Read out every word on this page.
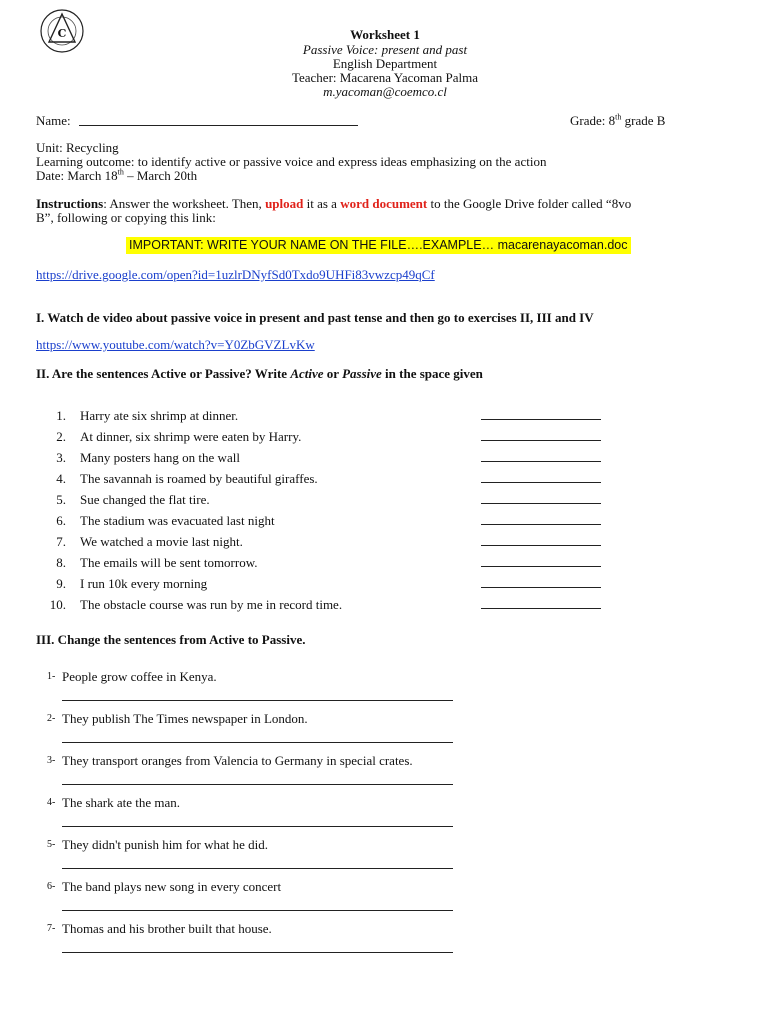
C	Worksheet 1
Passive Voice: present and past
English Department
Teacher: Macarena Yacoman Palma
m.yacoman@coemco.cl
Name:	Grade: 8th grade B
Unit: Recycling
Learning outcome: to identify active or passive voice and express ideas emphasizing on the action
Date: March 18th – March 20th
Instructions: Answer the worksheet. Then, upload it as a word document to the Google Drive folder called “8vo
B”, following or copying this link:
IMPORTANT: WRITE YOUR NAME ON THE FILE….EXAMPLE… macarenayacoman.doc
https://drive.google.com/open?id=1uzlrDNyfSd0Txdo9UHFi83vwzcp49qCf
I. Watch de video about passive voice in present and past tense and then go to exercises II, III and IV
https://www.youtube.com/watch?v=Y0ZbGVZLvKw
II. Are the sentences Active or Passive? Write Active or Passive in the space given
1. Harry ate six shrimp at dinner.
2. At dinner, six shrimp were eaten by Harry.
3. Many posters hang on the wall
4. The savannah is roamed by beautiful giraffes.
5. Sue changed the flat tire.
6. The stadium was evacuated last night
7. We watched a movie last night.
8. The emails will be sent tomorrow.
9. I run 10k every morning
10. The obstacle course was run by me in record time.
III. Change the sentences from Active to Passive.
1- People grow coffee in Kenya.
2- They publish The Times newspaper in London.
3- They transport oranges from Valencia to Germany in special crates.
4- The shark ate the man.
5- They didn't punish him for what he did.
6- The band plays new song in every concert
7- Thomas and his brother built that house.
